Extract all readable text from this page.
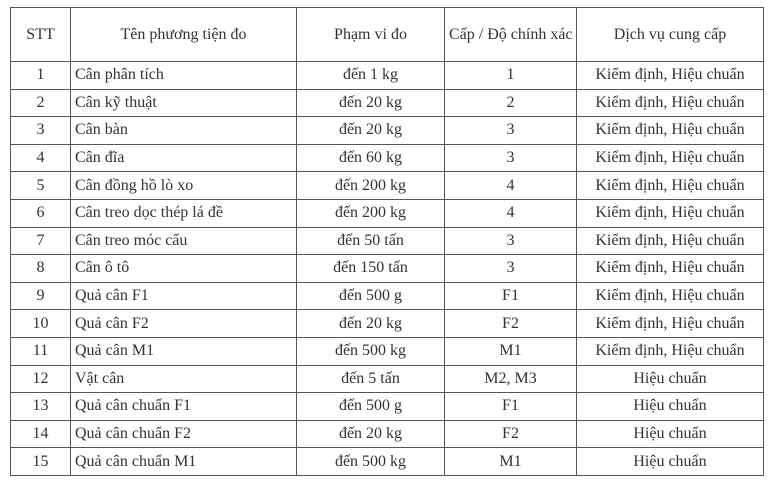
STT	Tên phương tiện đo	Phạm vi đo	Cấp / Độ chính xác	Dịch vụ cung cấp
1	Cân phân tích	đến 1 kg	1	Kiểm định, Hiệu chuẩn
2	Cân kỹ thuật	đến 20 kg	2	Kiểm định, Hiệu chuẩn
3	Cân bàn	đến 20 kg	3	Kiểm định, Hiệu chuẩn
4	Cân đĩa	đến 60 kg	3	Kiểm định, Hiệu chuẩn
5	Cân đồng hồ lò xo	đến 200 kg	4	Kiểm định, Hiệu chuẩn
6	Cân treo dọc thép lá đề	đến 200 kg	4	Kiểm định, Hiệu chuẩn
7	Cân treo móc cẩu	đến 50 tấn	3	Kiểm định, Hiệu chuẩn
8	Cân ô tô	đến 150 tấn	3	Kiểm định, Hiệu chuẩn
9	Quả cân F1	đến 500 g	F1	Kiểm định, Hiệu chuẩn
10	Quả cân F2	đến 20 kg	F2	Kiểm định, Hiệu chuẩn
11	Quả cân M1	đến 500 kg	M1	Kiểm định, Hiệu chuẩn
12	Vật cân	đến 5 tấn	M2, M3	Hiệu chuẩn
13	Quả cân chuẩn F1	đến 500 g	F1	Hiệu chuẩn
14	Quả cân chuẩn F2	đến 20 kg	F2	Hiệu chuẩn
15	Quả cân chuẩn M1	đến 500 kg	M1	Hiệu chuẩn
